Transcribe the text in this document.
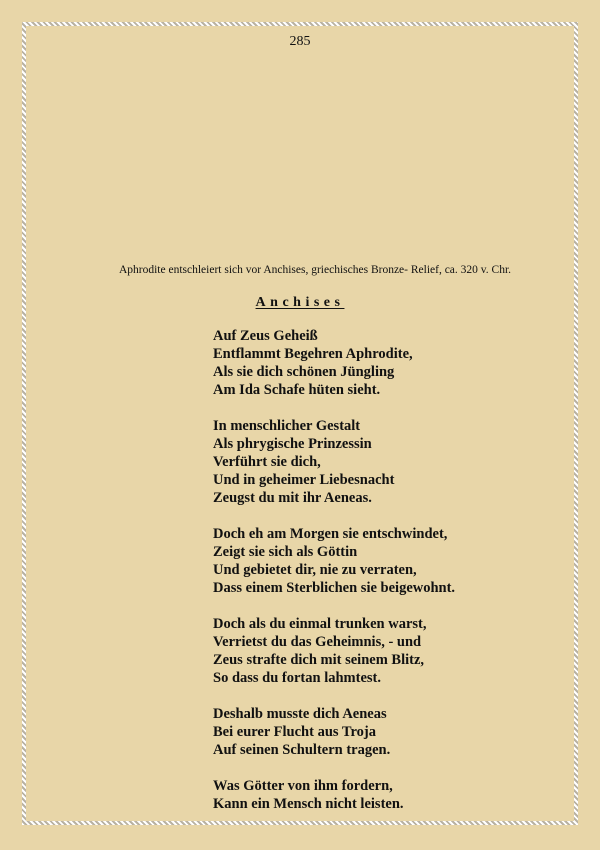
285
Aphrodite entschleiert sich vor Anchises, griechisches Bronze- Relief, ca. 320 v. Chr.
Anchises
Auf Zeus Geheiß
Entflammt Begehren Aphrodite,
Als sie dich schönen Jüngling
Am Ida Schafe hüten sieht.
In menschlicher Gestalt
Als phrygische Prinzessin
Verführt sie dich,
Und in geheimer Liebesnacht
Zeugst du mit ihr Aeneas.
Doch eh am Morgen sie entschwindet,
Zeigt sie sich als Göttin
Und gebietet dir, nie zu verraten,
Dass einem Sterblichen sie beigewohnt.
Doch als du einmal trunken warst,
Verrietst du das Geheimnis, - und
Zeus strafte dich mit seinem Blitz,
So dass du fortan lahmtest.
Deshalb musste dich Aeneas
Bei eurer Flucht aus Troja
Auf seinen Schultern tragen.
Was Götter von ihm fordern,
Kann ein Mensch nicht leisten.
